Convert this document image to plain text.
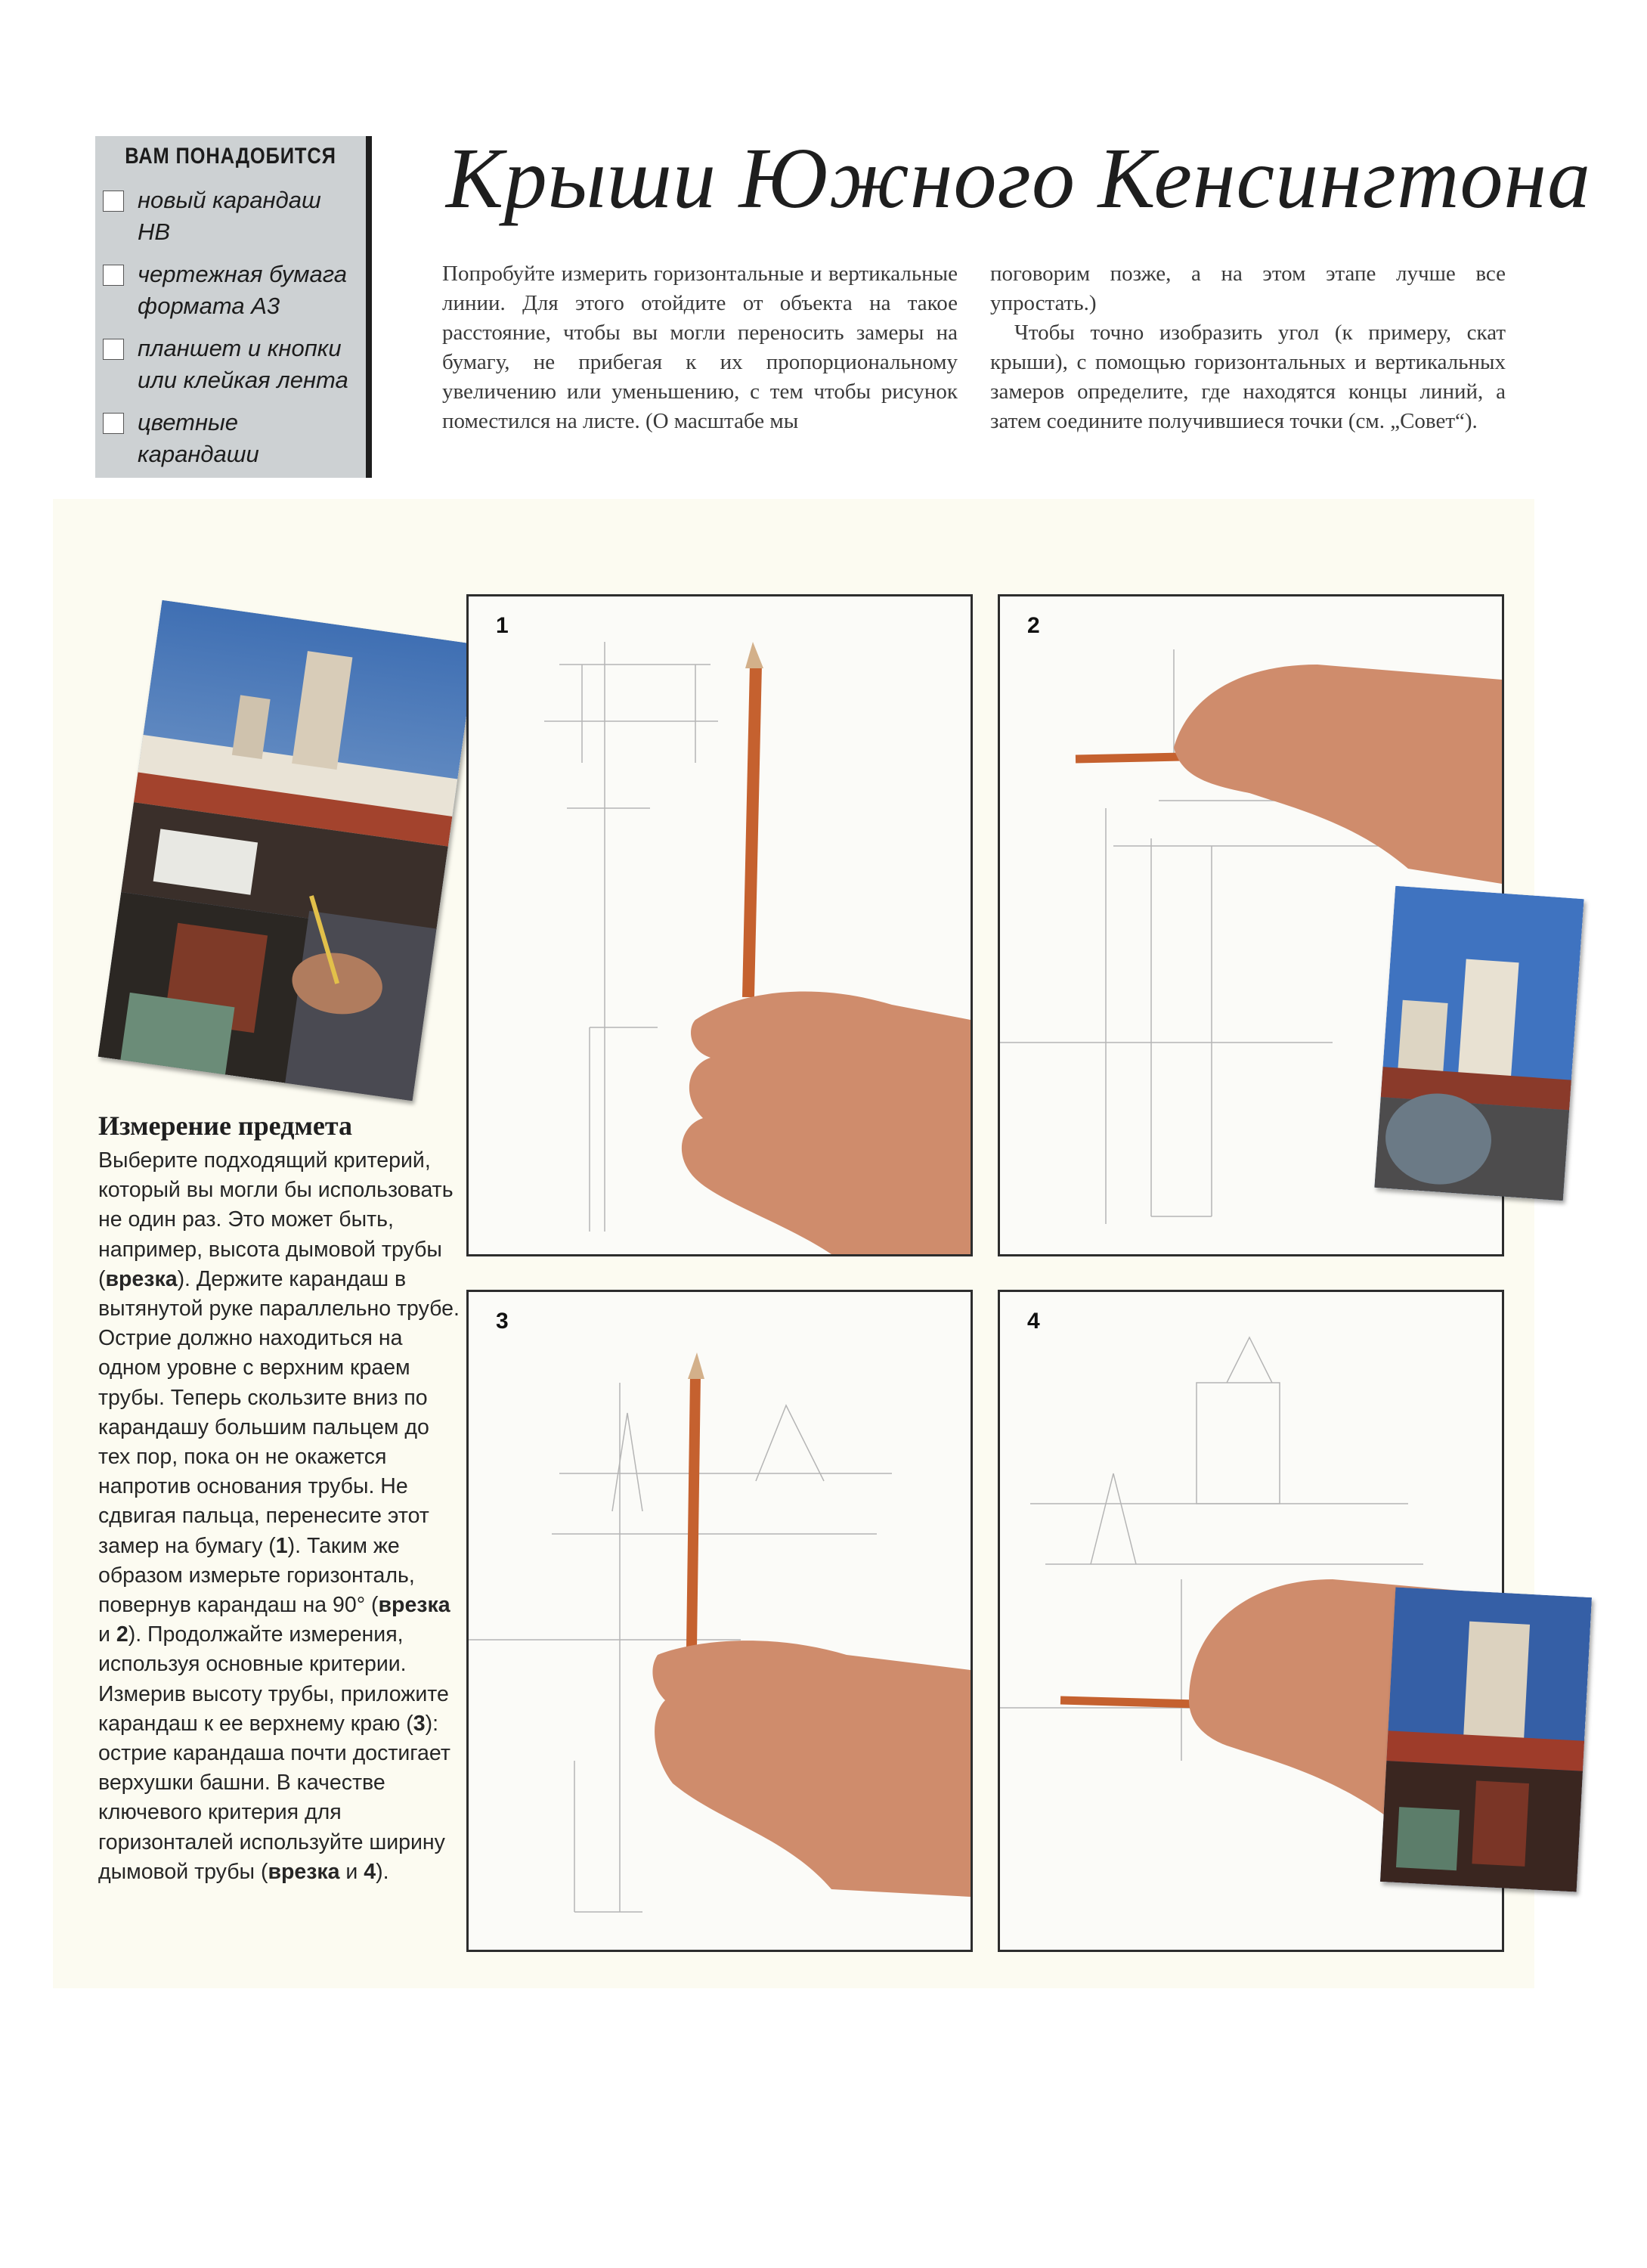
ВАМ ПОНАДОБИТСЯ
новый карандаш
НВ
чертежная бумага
формата А3
планшет и кнопки
или клейкая лента
цветные
карандаши
Крыши Южного Кенсингтона

Попробуйте измерить горизонтальные и вертикальные линии. Для этого отойдите от объекта на такое расстояние, чтобы вы могли переносить замеры на бумагу, не прибегая к их пропорциональному увеличению или уменьшению, с тем чтобы рисунок поместился на листе. (О масштабе мы

поговорим позже, а на этом этапе лучше все упростать.)

Чтобы точно изобразить угол (к примеру, скат крыши), с помощью горизонтальных и вертикальных замеров определите, где находятся концы линий, а затем соедините получившиеся точки (см. „Совет“).

1	2
3	4
Измерение предмета
Выберите подходящий критерий, который вы могли бы использовать не один раз. Это может быть, например, высота дымовой трубы (врезка). Держите карандаш в вытянутой руке параллельно трубе. Острие должно находиться на одном уровне с верхним краем трубы. Теперь скользите вниз по карандашу большим пальцем до тех пор, пока он не окажется напротив основания трубы. Не сдвигая пальца, перенесите этот замер на бумагу (1). Таким же образом измерьте горизонталь, повернув карандаш на 90° (врезка и 2). Продолжайте измерения, используя основные критерии. Измерив высоту трубы, приложите карандаш к ее верхнему краю (3): острие карандаша почти достигает верхушки башни. В качестве ключевого критерия для горизонталей используйте ширину дымовой трубы (врезка и 4).
